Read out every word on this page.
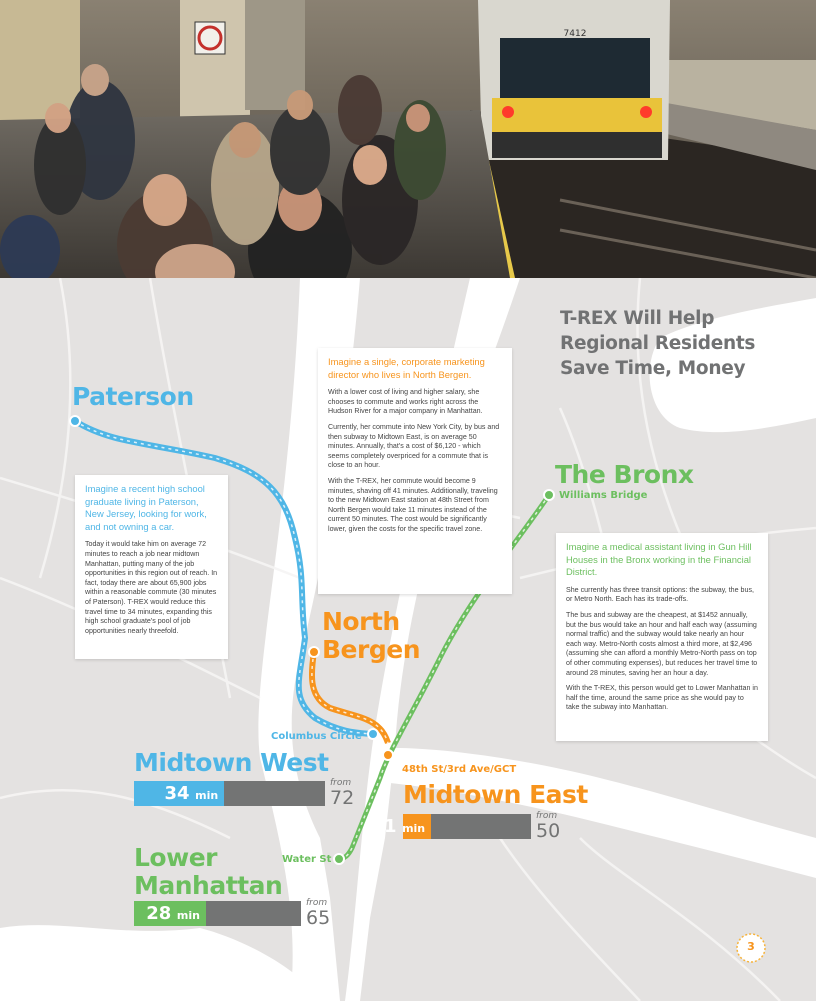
7412
T-REX Will Help
Regional Residents
Save Time, Money
Paterson
North
Bergen
The Bronx
Midtown West
Midtown East
Lower
Manhattan
Williams Bridge
Columbus Circle
48th St/3rd Ave/GCT
Water St

Imagine a recent high school graduate living in Paterson, New Jersey, looking for work, and not owning a car.

Today it would take him on average 72 minutes to reach a job near midtown Manhattan, putting many of the job opportunities in this region out of reach. In fact, today there are about 65,900 jobs within a reasonable commute (30 minutes of Paterson). T-REX would reduce this travel time to 34 minutes, expanding this high school graduate's pool of job opportunities nearly threefold.

Imagine a single, corporate marketing director who lives in North Bergen.

With a lower cost of living and higher salary, she chooses to commute and works right across the Hudson River for a major company in Manhattan.

Currently, her commute into New York City, by bus and then subway to Midtown East, is on average 50 minutes. Annually, that's a cost of $6,120 - which seems completely overpriced for a commute that is close to an hour.

With the T-REX, her commute would become 9 minutes, shaving off 41 minutes. Additionally, traveling to the new Midtown East station at 48th Street from North Bergen would take 11 minutes instead of the current 50 minutes. The cost would be significantly lower, given the costs for the specific travel zone.

Imagine a medical assistant living in Gun Hill Houses in the Bronx working in the Financial District.

She currently has three transit options: the subway, the bus, or Metro North. Each has its trade-offs.

The bus and subway are the cheapest, at $1452 annually, but the bus would take an hour and half each way (assuming normal traffic) and the subway would take nearly an hour each way. Metro-North costs almost a third more, at $2,496 (assuming she can afford a monthly Metro-North pass on top of other commuting expenses), but reduces her travel time to around 28 minutes, saving her an hour a day.

With the T-REX, this person would get to Lower Manhattan in half the time, around the same price as she would pay to take the subway into Manhattan.

34 min
from
72
11 min
from
50
28 min
from
65
3
